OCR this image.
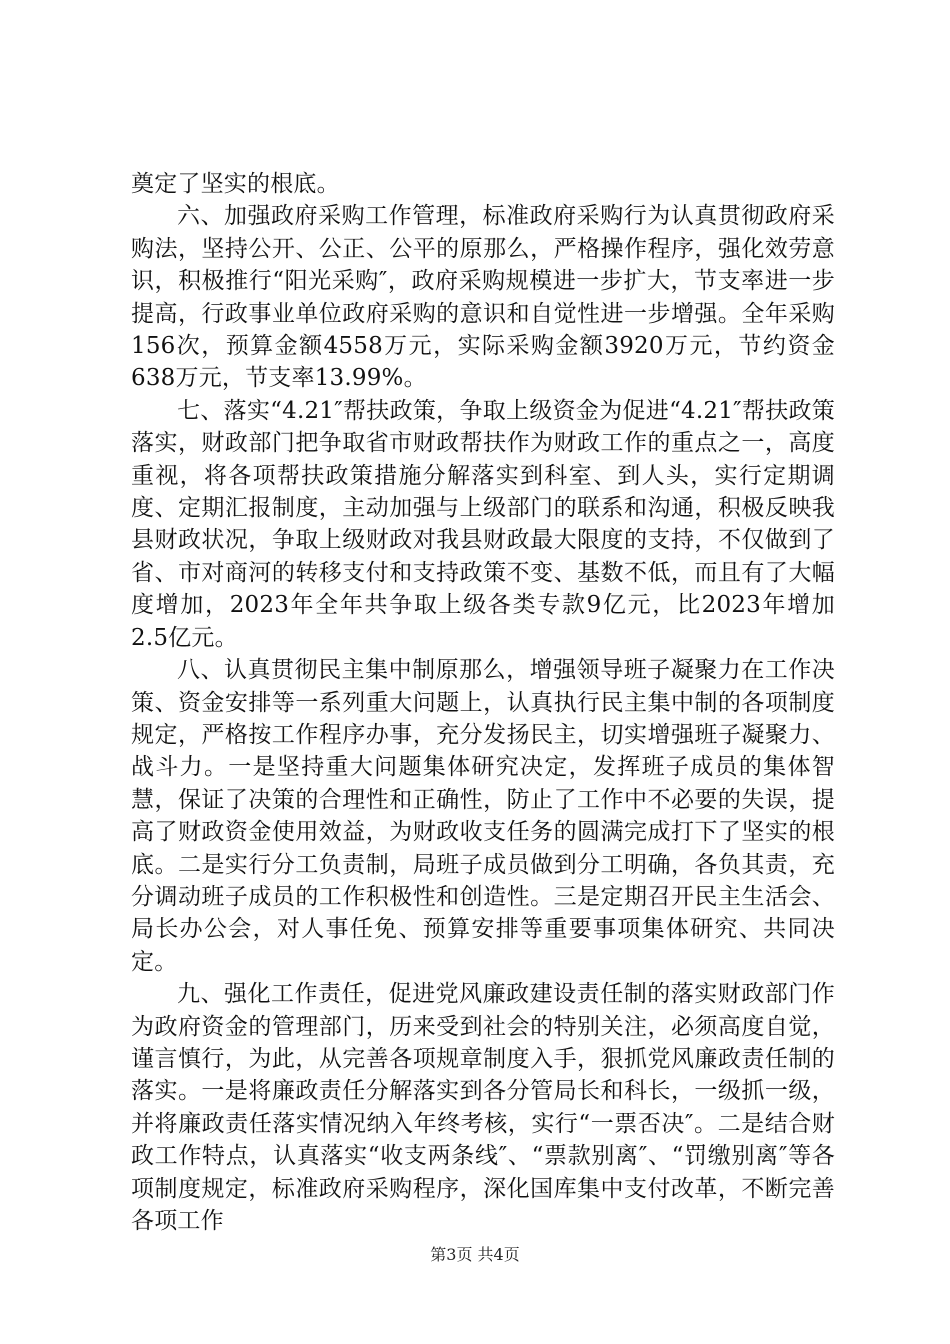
奠定了坚实的根底。

六、加强政府采购工作管理，标准政府采购行为认真贯彻政府采购法，坚持公开、公正、公平的原那么，严格操作程序，强化效劳意识，积极推行“阳光采购″，政府采购规模进一步扩大，节支率进一步提高，行政事业单位政府采购的意识和自觉性进一步增强。全年采购156次，预算金额4558万元，实际采购金额3920万元，节约资金638万元，节支率13.99%。

七、落实“4.21″帮扶政策，争取上级资金为促进“4.21″帮扶政策落实，财政部门把争取省市财政帮扶作为财政工作的重点之一，高度重视，将各项帮扶政策措施分解落实到科室、到人头，实行定期调度、定期汇报制度，主动加强与上级部门的联系和沟通，积极反映我县财政状况，争取上级财政对我县财政最大限度的支持，不仅做到了省、市对商河的转移支付和支持政策不变、基数不低，而且有了大幅度增加，2023年全年共争取上级各类专款9亿元，比2023年增加2.5亿元。

八、认真贯彻民主集中制原那么，增强领导班子凝聚力在工作决策、资金安排等一系列重大问题上，认真执行民主集中制的各项制度规定，严格按工作程序办事，充分发扬民主，切实增强班子凝聚力、战斗力。一是坚持重大问题集体研究决定，发挥班子成员的集体智慧，保证了决策的合理性和正确性，防止了工作中不必要的失误，提高了财政资金使用效益，为财政收支任务的圆满完成打下了坚实的根底。二是实行分工负责制，局班子成员做到分工明确，各负其责，充分调动班子成员的工作积极性和创造性。三是定期召开民主生活会、局长办公会，对人事任免、预算安排等重要事项集体研究、共同决定。

九、强化工作责任，促进党风廉政建设责任制的落实财政部门作为政府资金的管理部门，历来受到社会的特别关注，必须高度自觉，谨言慎行，为此，从完善各项规章制度入手，狠抓党风廉政责任制的落实。一是将廉政责任分解落实到各分管局长和科长，一级抓一级，并将廉政责任落实情况纳入年终考核，实行“一票否决″。二是结合财政工作特点，认真落实“收支两条线″、“票款别离″、“罚缴别离″等各项制度规定，标准政府采购程序，深化国库集中支付改革，不断完善各项工作

第3页 共4页
